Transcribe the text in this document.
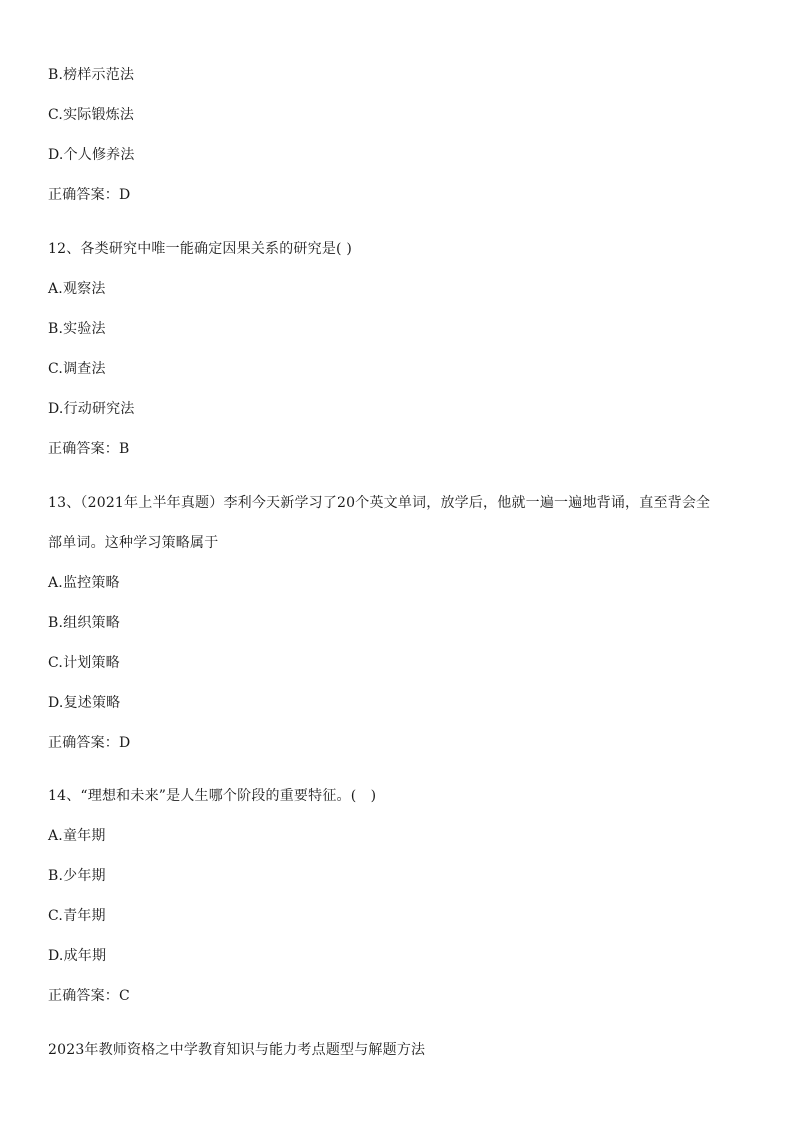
B.榜样示范法
C.实际锻炼法
D.个人修养法
正确答案：D
12、各类研究中唯一能确定因果关系的研究是( )
A.观察法
B.实验法
C.调查法
D.行动研究法
正确答案：B
13、（2021年上半年真题）李利今天新学习了20个英文单词，放学后，他就一遍一遍地背诵，直至背会全
部单词。这种学习策略属于
A.监控策略
B.组织策略
C.计划策略
D.复述策略
正确答案：D
14、“理想和未来”是人生哪个阶段的重要特征。(　)
A.童年期
B.少年期
C.青年期
D.成年期
正确答案：C
2023年教师资格之中学教育知识与能力考点题型与解题方法
